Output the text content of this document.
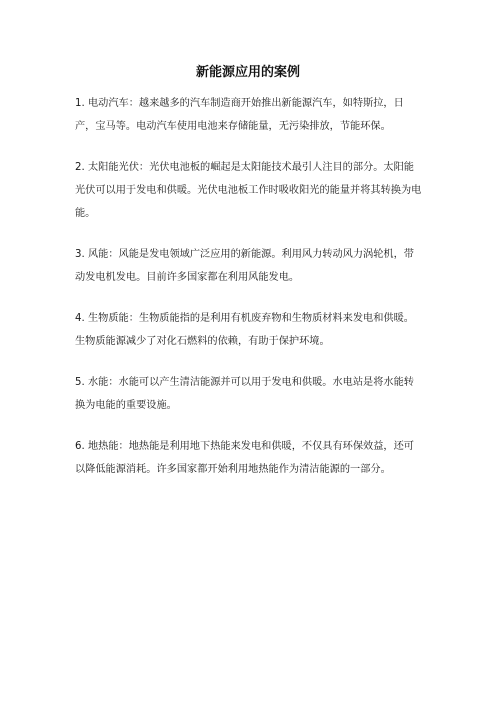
新能源应用的案例

1. 电动汽车：越来越多的汽车制造商开始推出新能源汽车，如特斯拉，日产，宝马等。电动汽车使用电池来存储能量，无污染排放，节能环保。

2. 太阳能光伏：光伏电池板的崛起是太阳能技术最引人注目的部分。太阳能光伏可以用于发电和供暖。光伏电池板工作时吸收阳光的能量并将其转换为电能。

3. 风能：风能是发电领域广泛应用的新能源。利用风力转动风力涡轮机，带动发电机发电。目前许多国家都在利用风能发电。

4. 生物质能：生物质能指的是利用有机废弃物和生物质材料来发电和供暖。生物质能源减少了对化石燃料的依赖，有助于保护环境。

5. 水能：水能可以产生清洁能源并可以用于发电和供暖。水电站是将水能转换为电能的重要设施。

6. 地热能：地热能是利用地下热能来发电和供暖，不仅具有环保效益，还可以降低能源消耗。许多国家都开始利用地热能作为清洁能源的一部分。
